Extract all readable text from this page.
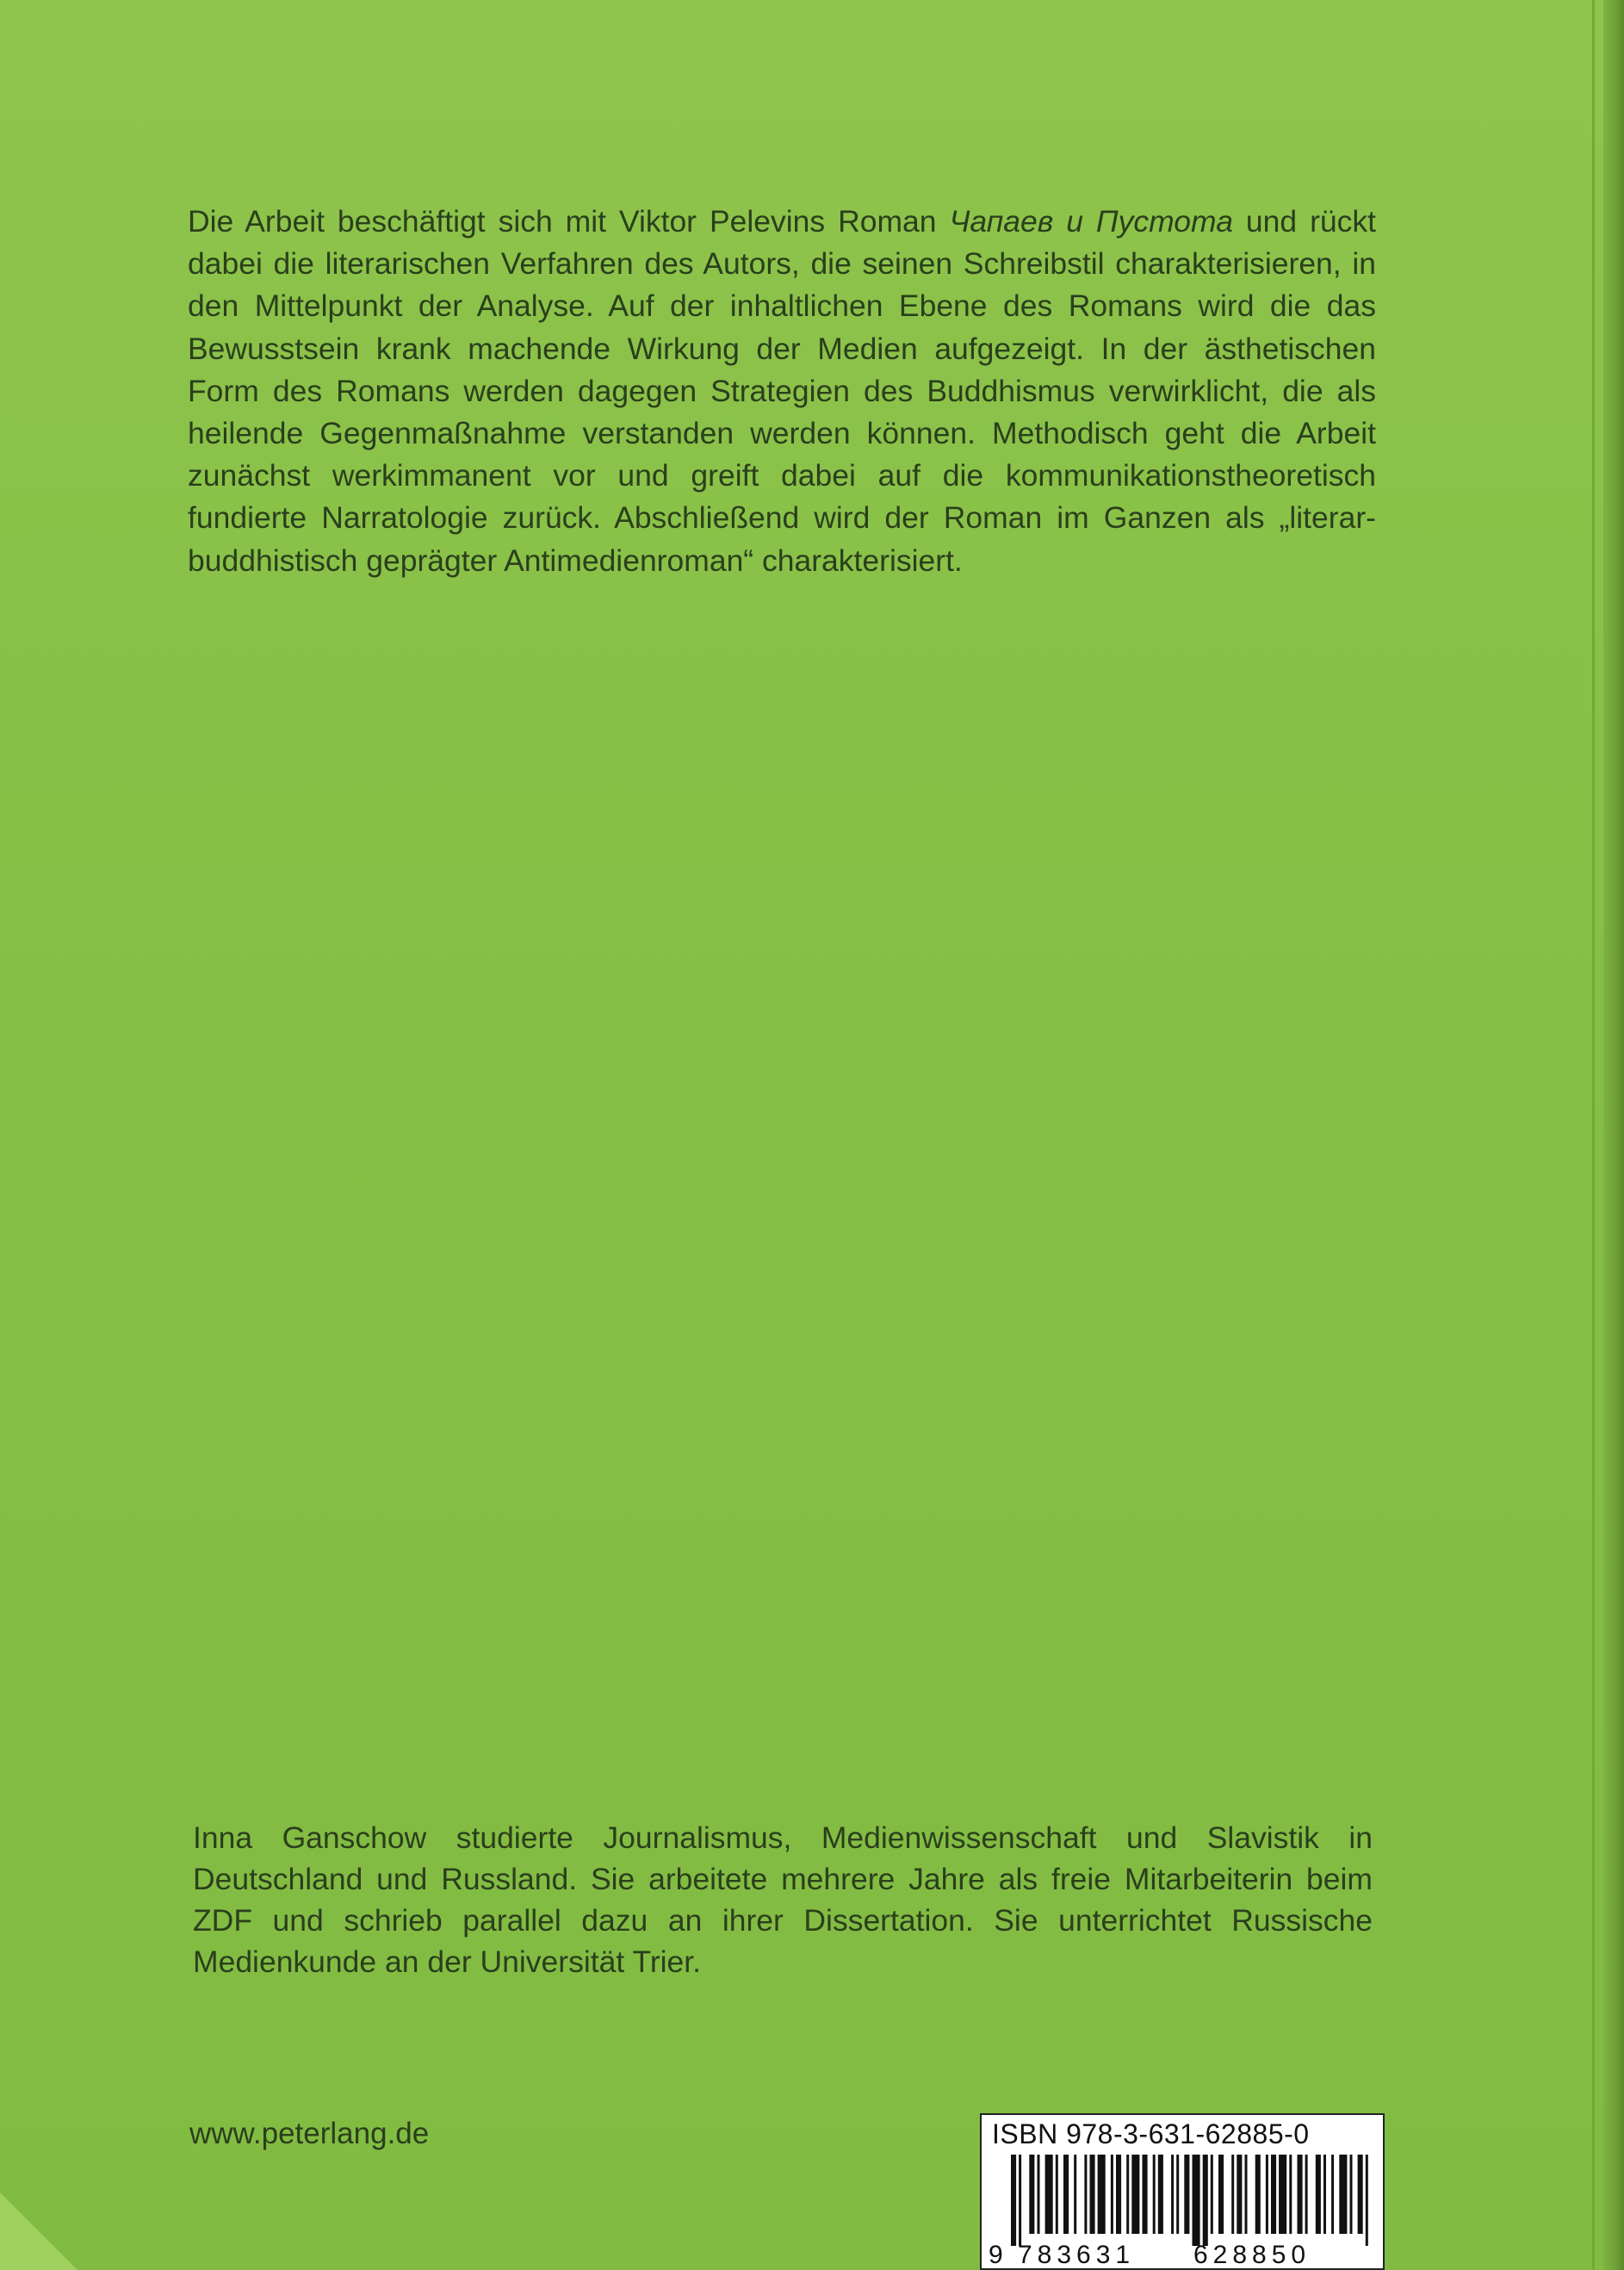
Die Arbeit beschäftigt sich mit Viktor Pelevins Roman Чапаев и Пустота und rückt dabei die literarischen Verfahren des Autors, die seinen Schreibstil charakterisieren, in den Mittelpunkt der Analyse. Auf der inhaltlichen Ebene des Romans wird die das Bewusstsein krank machende Wirkung der Medien aufgezeigt. In der ästhetischen Form des Romans werden dagegen Strategien des Buddhismus verwirklicht, die als heilende Gegenmaßnahme verstanden werden können. Methodisch geht die Arbeit zunächst werkimmanent vor und greift dabei auf die kommunikationstheoretisch fundierte Narratologie zurück. Abschließend wird der Roman im Ganzen als „literar-buddhistisch geprägter Antimedienroman“ charakterisiert.

Inna Ganschow studierte Journalismus, Medienwissenschaft und Slavistik in Deutschland und Russland. Sie arbeitete mehrere Jahre als freie Mitarbeiterin beim ZDF und schrieb parallel dazu an ihrer Dissertation. Sie unterrichtet Russische Medienkunde an der Universität Trier.

www.peterlang.de	ISBN 978-3-631-62885-0
9 783631 628850
